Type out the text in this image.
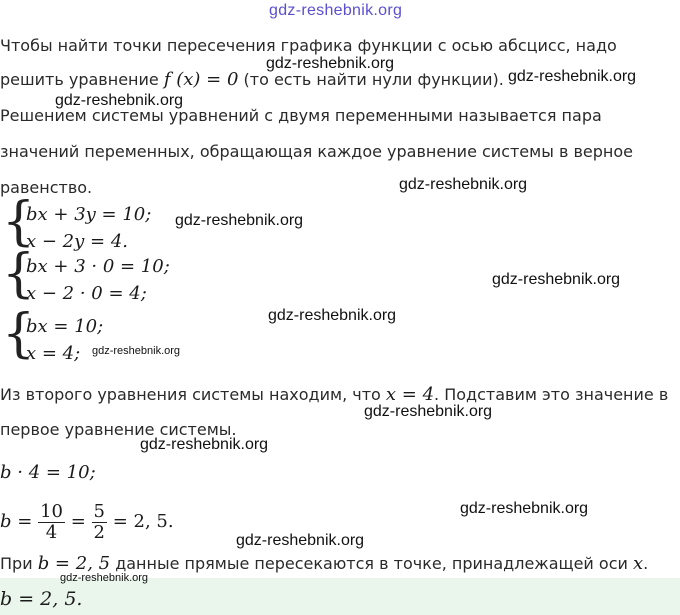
gdz-reshebnik.org
Чтобы найти точки пересечения графика функции с осью абсцисс, надо
решить уравнение f (x) = 0 (то есть найти нули функции).
gdz-reshebnik.org
gdz-reshebnik.org
gdz-reshebnik.org
Решением системы уравнений с двумя переменными называется пара
значений переменных, обращающая каждое уравнение системы в верное
равенство.	gdz-reshebnik.org
{
bx + 3y = 10;
x − 2y = 4.
gdz-reshebnik.org
{
bx + 3 · 0 = 10;
x − 2 · 0 = 4;
gdz-reshebnik.org
gdz-reshebnik.org
{
bx = 10;
x = 4; gdz-reshebnik.org
Из второго уравнения системы находим, что x = 4. Подставим это значение в
gdz-reshebnik.org
первое уравнение системы.
gdz-reshebnik.org
b · 4 = 10;
$b = \frac{10}{4} = \frac{5}{2} = 2$, 5.
gdz-reshebnik.org
gdz-reshebnik.org
При b = 2, 5 данные прямые пересекаются в точке, принадлежащей оси x.
gdz-reshebnik.org
b = 2, 5.
